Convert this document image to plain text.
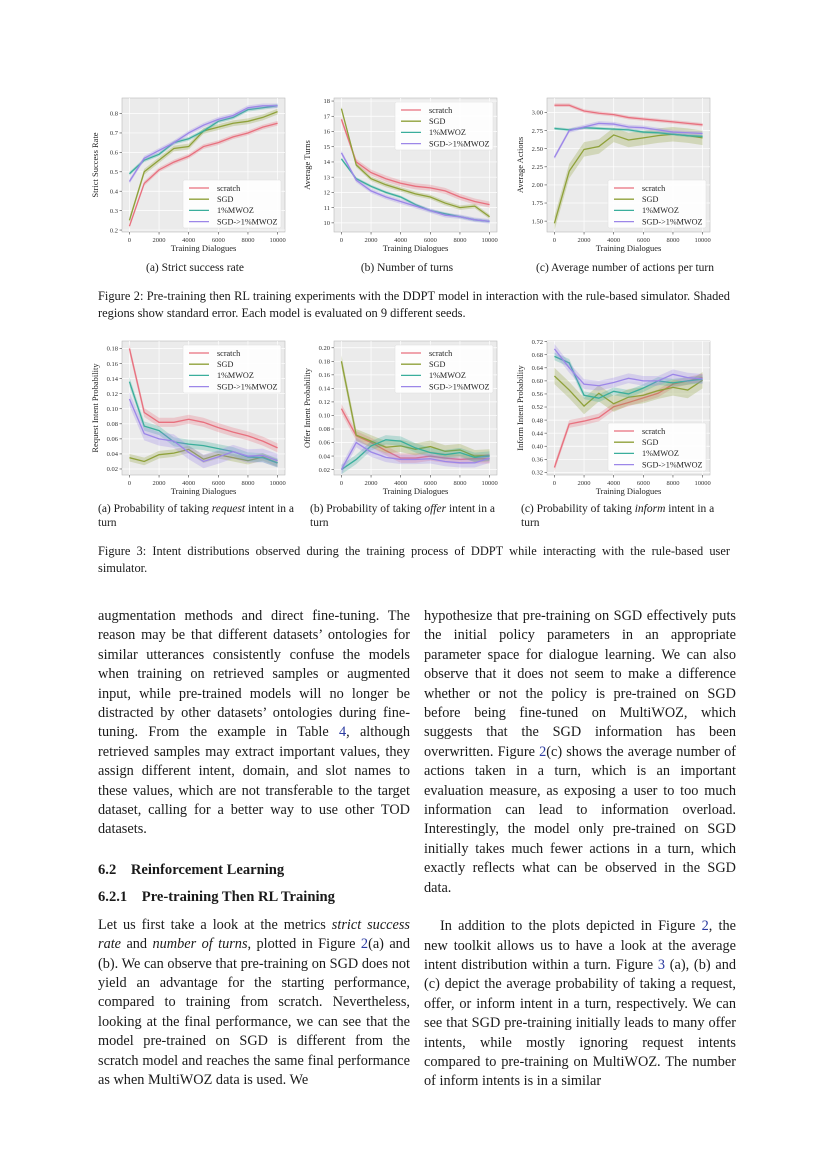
0	2000	4000	6000	8000 10000
0.2
0.3
0.4
0.5
0.6
0.7
0.8
Training Dialogues
Strict Success Rate	scratch
SGD
1%MWOZ
SGD->1%MWOZ
0	2000	4000	6000	8000 10000
10
11
12
13
14
15
16
17
18
Training Dialogues
Average Turns
scratch
SGD
1%MWOZ
SGD->1%MWOZ
0	2000	4000	6000	8000 10000
1.50
1.75
2.00
2.25
2.50
2.75
3.00
Training Dialogues
Average Actions	scratch
SGD
1%MWOZ
SGD->1%MWOZ
(a) Strict success rate	(b) Number of turns	(c) Average number of actions per turn
Figure 2: Pre-training then RL training experiments with the DDPT model in interaction with the rule-based simulator. Shaded regions show standard error. Each model is evaluated on 9 different seeds.
0	2000	4000	6000	8000 10000
0.02
0.04
0.06
0.08
0.10
0.12
0.14
0.16
0.18
Training Dialogues
Request Intent Probability
scratch
SGD
1%MWOZ
SGD->1%MWOZ
0	2000	4000	6000	8000 10000
0.02
0.04
0.06
0.08
0.10
0.12
0.14
0.16
0.18
0.20
Training Dialogues
Offer Intent Probability
scratch
SGD
1%MWOZ
SGD->1%MWOZ
0	2000	4000	6000	8000 10000
0.32
0.36
0.40
0.44
0.48
0.52
0.56
0.60
0.64
0.68
0.72
Training Dialogues
Inform Intent Probability	scratch
SGD
1%MWOZ
SGD->1%MWOZ
(a) Probability of taking request intent in a turn
(b) Probability of taking offer intent in a turn
(c) Probability of taking inform intent in a turn
Figure 3: Intent distributions observed during the training process of DDPT while interacting with the rule-based user simulator.

augmentation methods and direct fine-tuning. The reason may be that different datasets’ ontologies for similar utterances consistently confuse the models when training on retrieved samples or augmented input, while pre-trained models will no longer be distracted by other datasets’ ontologies during fine-tuning. From the example in Table 4, although retrieved samples may extract important values, they assign different intent, domain, and slot names to these values, which are not transferable to the target dataset, calling for a better way to use other TOD datasets.

6.2 Reinforcement Learning
6.2.1 Pre-training Then RL Training

Let us first take a look at the metrics strict success rate and number of turns, plotted in Figure 2(a) and (b). We can observe that pre-training on SGD does not yield an advantage for the starting performance, compared to training from scratch. Nevertheless, looking at the final performance, we can see that the model pre-trained on SGD is different from the scratch model and reaches the same final performance as when MultiWOZ data is used. We

hypothesize that pre-training on SGD effectively puts the initial policy parameters in an appropriate parameter space for dialogue learning. We can also observe that it does not seem to make a difference whether or not the policy is pre-trained on SGD before being fine-tuned on MultiWOZ, which suggests that the SGD information has been overwritten. Figure 2(c) shows the average number of actions taken in a turn, which is an important evaluation measure, as exposing a user to too much information can lead to information overload. Interestingly, the model only pre-trained on SGD initially takes much fewer actions in a turn, which exactly reflects what can be observed in the SGD data.

In addition to the plots depicted in Figure 2, the new toolkit allows us to have a look at the average intent distribution within a turn. Figure 3 (a), (b) and (c) depict the average probability of taking a request, offer, or inform intent in a turn, respectively. We can see that SGD pre-training initially leads to many offer intents, while mostly ignoring request intents compared to pre-training on MultiWOZ. The number of inform intents is in a similar
